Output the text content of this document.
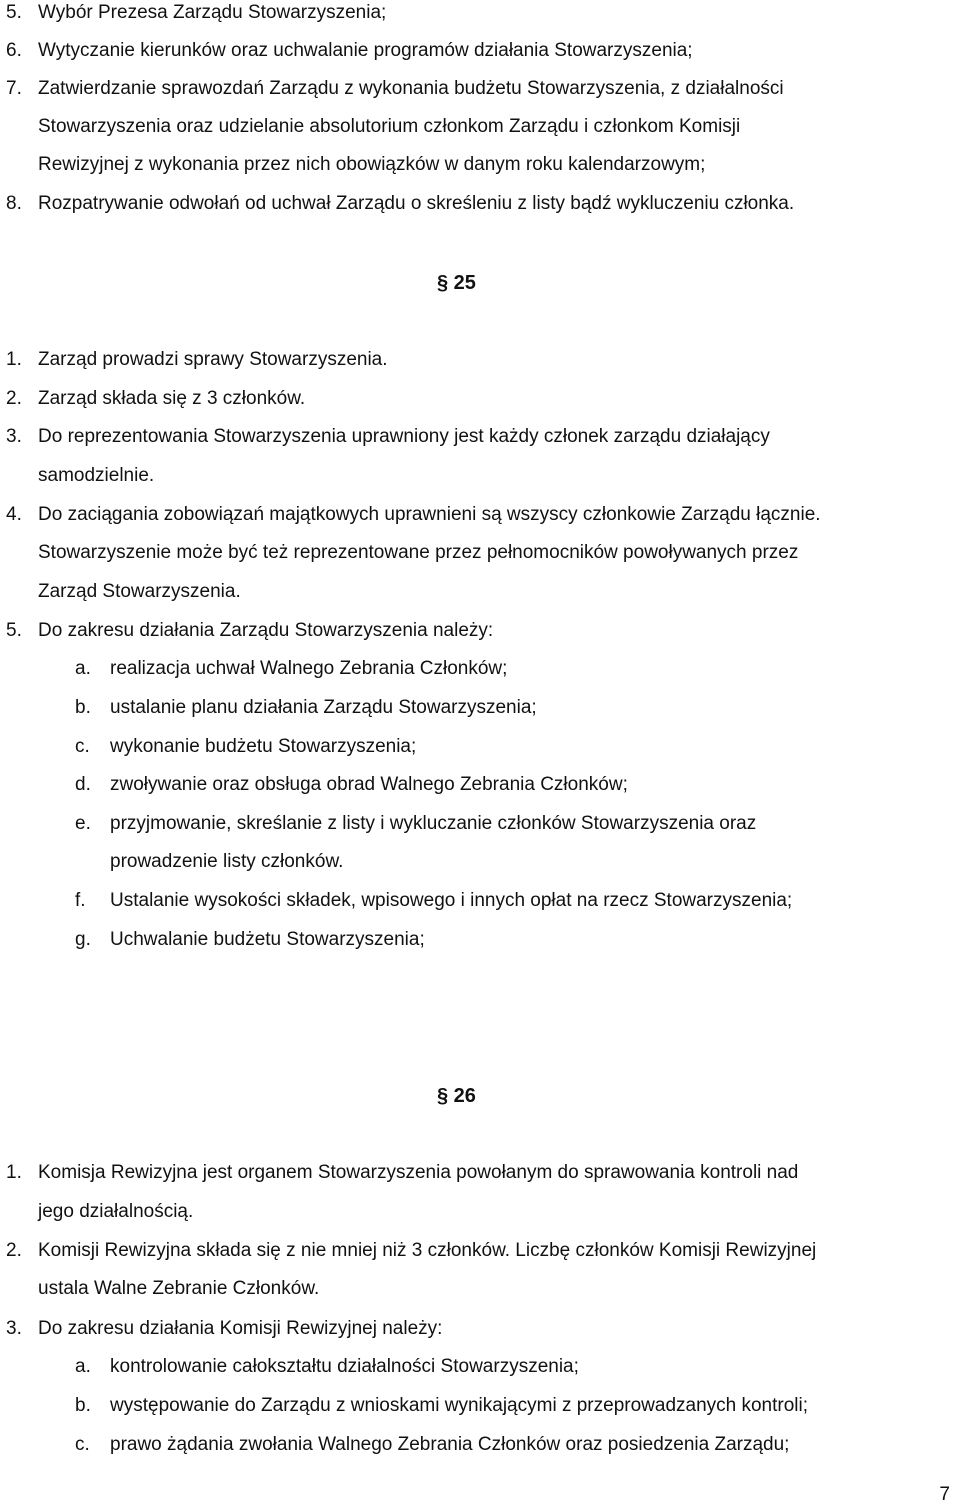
5. Wybór Prezesa Zarządu Stowarzyszenia;
6. Wytyczanie kierunków oraz uchwalanie programów działania Stowarzyszenia;
7. Zatwierdzanie sprawozdań Zarządu z wykonania budżetu Stowarzyszenia, z działalności
Stowarzyszenia oraz udzielanie absolutorium członkom Zarządu i członkom Komisji
Rewizyjnej z wykonania przez nich obowiązków w danym roku kalendarzowym;
8. Rozpatrywanie odwołań od uchwał Zarządu o skreśleniu z listy bądź wykluczeniu członka.
§ 25
1. Zarząd prowadzi sprawy Stowarzyszenia.
2. Zarząd składa się z 3 członków.
3. Do reprezentowania Stowarzyszenia uprawniony jest każdy członek zarządu działający
samodzielnie.
4. Do zaciągania zobowiązań majątkowych uprawnieni są wszyscy członkowie Zarządu łącznie.
Stowarzyszenie może być też reprezentowane przez pełnomocników powoływanych przez
Zarząd Stowarzyszenia.
5. Do zakresu działania Zarządu Stowarzyszenia należy:
a. realizacja uchwał Walnego Zebrania Członków;
b. ustalanie planu działania Zarządu Stowarzyszenia;
c. wykonanie budżetu Stowarzyszenia;
d. zwoływanie oraz obsługa obrad Walnego Zebrania Członków;
e. przyjmowanie, skreślanie z listy i wykluczanie członków Stowarzyszenia oraz
prowadzenie listy członków.
f. Ustalanie wysokości składek, wpisowego i innych opłat na rzecz Stowarzyszenia;
g. Uchwalanie budżetu Stowarzyszenia;
§ 26
1. Komisja Rewizyjna jest organem Stowarzyszenia powołanym do sprawowania kontroli nad
jego działalnością.
2. Komisji Rewizyjna składa się z nie mniej niż 3 członków. Liczbę członków Komisji Rewizyjnej
ustala Walne Zebranie Członków.
3. Do zakresu działania Komisji Rewizyjnej należy:
a. kontrolowanie całokształtu działalności Stowarzyszenia;
b. występowanie do Zarządu z wnioskami wynikającymi z przeprowadzanych kontroli;
c. prawo żądania zwołania Walnego Zebrania Członków oraz posiedzenia Zarządu;
7
